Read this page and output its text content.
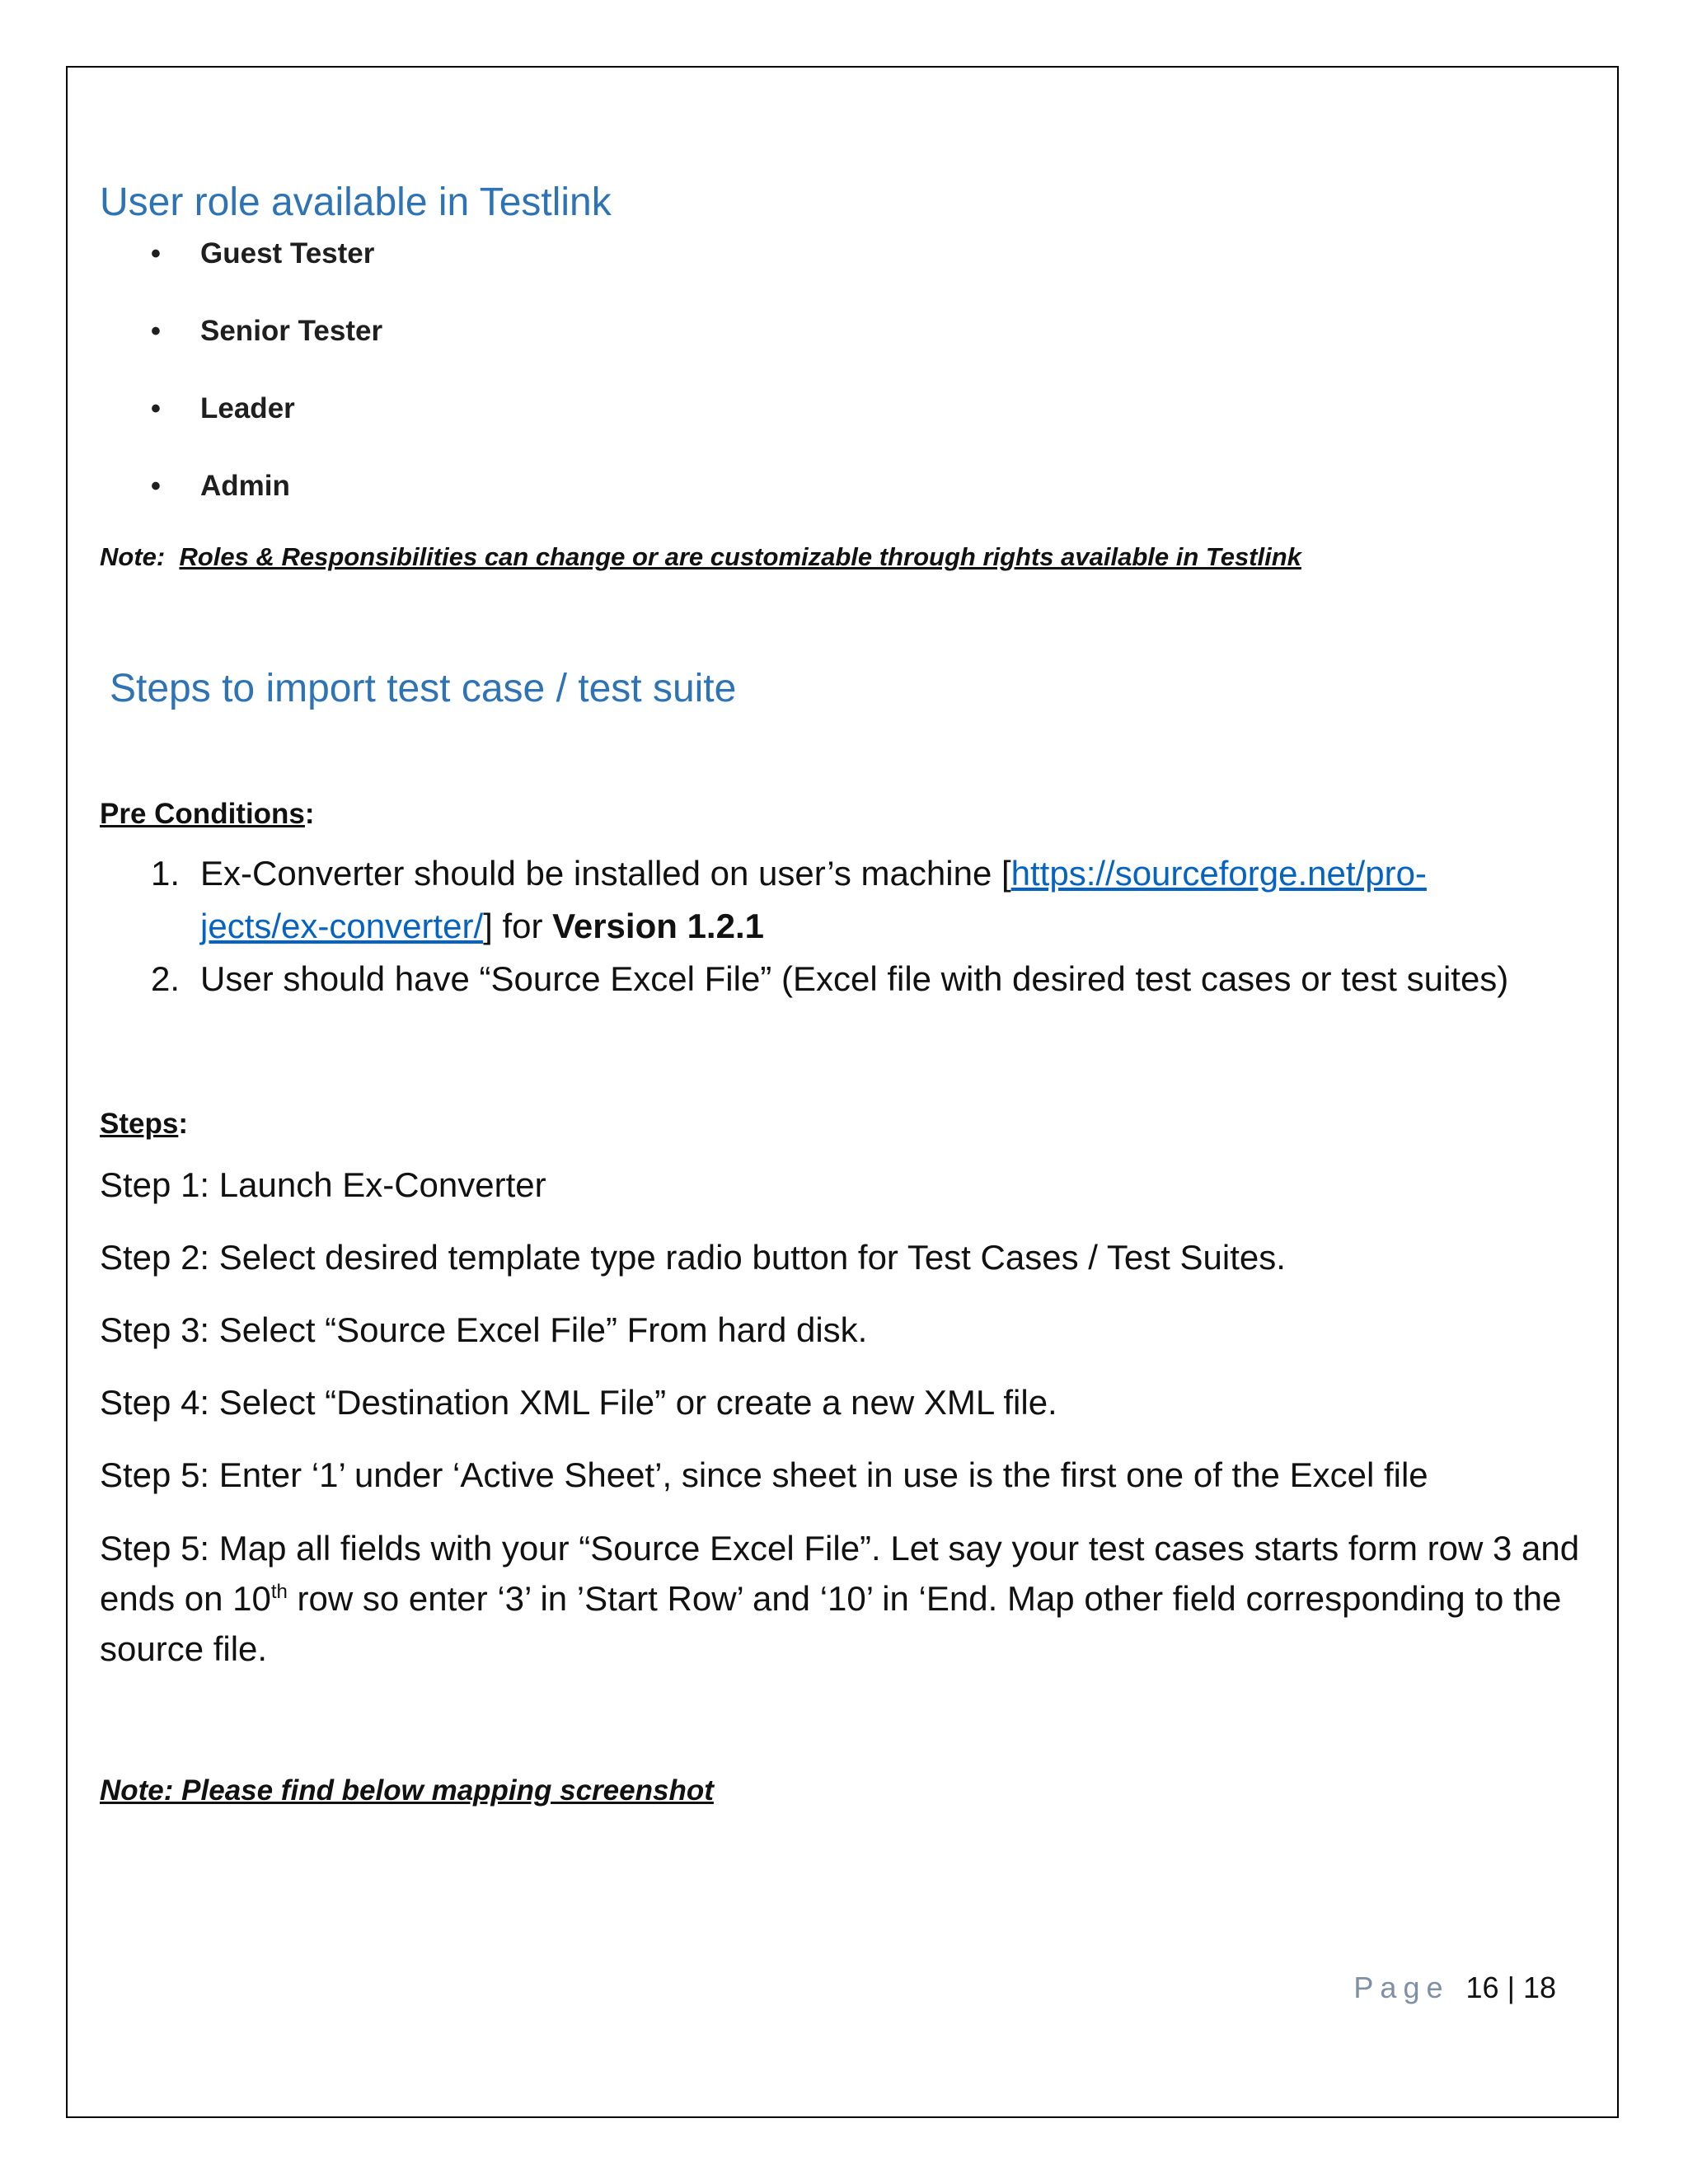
User role available in Testlink
• Guest Tester
• Senior Tester
• Leader
• Admin

Note: Roles & Responsibilities can change or are customizable through rights available in Testlink

Steps to import test case / test suite

Pre Conditions:

1. Ex-Converter should be installed on user’s machine [https://sourceforge.net/pro-
jects/ex-converter/] for Version 1.2.1
2. User should have “Source Excel File” (Excel file with desired test cases or test suites)

Steps:

Step 1: Launch Ex-Converter

Step 2: Select desired template type radio button for Test Cases / Test Suites.

Step 3: Select “Source Excel File” From hard disk.

Step 4: Select “Destination XML File” or create a new XML file.

Step 5: Enter ‘1’ under ‘Active Sheet’, since sheet in use is the first one of the Excel file

Step 5: Map all fields with your “Source Excel File”. Let say your test cases starts form row 3 and ends on 10th row so enter ‘3’ in ’Start Row’ and ‘10’ in ‘End. Map other field corresponding to the source file.

Note: Please find below mapping screenshot

Page 16 | 18
